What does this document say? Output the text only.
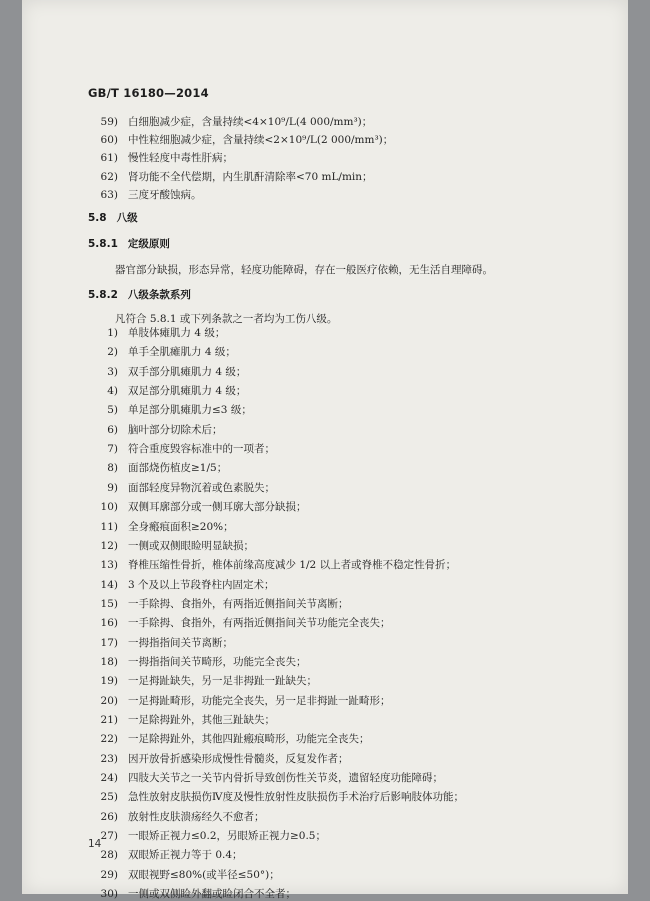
GB/T 16180—2014
59) 白细胞减少症，含量持续<4×10⁹/L(4 000/mm³)；
60) 中性粒细胞减少症，含量持续<2×10⁹/L(2 000/mm³)；
61) 慢性轻度中毒性肝病；
62) 肾功能不全代偿期，内生肌酐清除率<70 mL/min；
63) 三度牙酸蚀病。
5.8 八级
5.8.1 定级原则
器官部分缺损，形态异常，轻度功能障碍，存在一般医疗依赖，无生活自理障碍。
5.8.2 八级条款系列
凡符合 5.8.1 或下列条款之一者均为工伤八级。
1) 单肢体瘫肌力 4 级；
2) 单手全肌瘫肌力 4 级；
3) 双手部分肌瘫肌力 4 级；
4) 双足部分肌瘫肌力 4 级；
5) 单足部分肌瘫肌力≤3 级；
6) 脑叶部分切除术后；
7) 符合重度毁容标准中的一项者；
8) 面部烧伤植皮≥1/5；
9) 面部轻度异物沉着或色素脱失；
10) 双侧耳廓部分或一侧耳廓大部分缺损；
11) 全身瘢痕面积≥20%；
12) 一侧或双侧眼睑明显缺损；
13) 脊椎压缩性骨折，椎体前缘高度减少 1/2 以上者或脊椎不稳定性骨折；
14) 3 个及以上节段脊柱内固定术；
15) 一手除拇、食指外，有两指近侧指间关节离断；
16) 一手除拇、食指外，有两指近侧指间关节功能完全丧失；
17) 一拇指指间关节离断；
18) 一拇指指间关节畸形，功能完全丧失；
19) 一足拇趾缺失，另一足非拇趾一趾缺失；
20) 一足拇趾畸形，功能完全丧失，另一足非拇趾一趾畸形；
21) 一足除拇趾外，其他三趾缺失；
22) 一足除拇趾外，其他四趾瘢痕畸形，功能完全丧失；
23) 因开放骨折感染形成慢性骨髓炎，反复发作者；
24) 四肢大关节之一关节内骨折导致创伤性关节炎，遗留轻度功能障碍；
25) 急性放射皮肤损伤Ⅳ度及慢性放射性皮肤损伤手术治疗后影响肢体功能；
26) 放射性皮肤溃疡经久不愈者；
27) 一眼矫正视力≤0.2，另眼矫正视力≥0.5；
28) 双眼矫正视力等于 0.4；
29) 双眼视野≤80%(或半径≤50°)；
30) 一侧或双侧睑外翻或睑闭合不全者；
14
